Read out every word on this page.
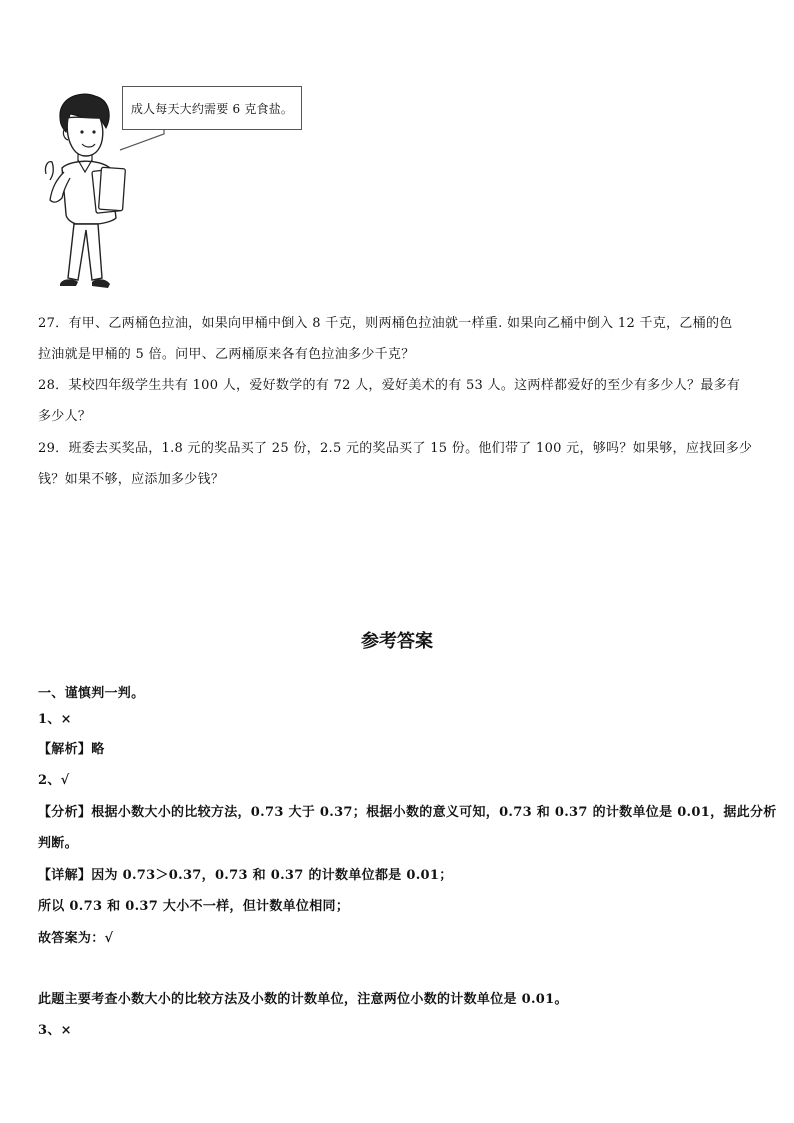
成人每天大约需要 6 克食盐。
27．有甲、乙两桶色拉油，如果向甲桶中倒入 8 千克，则两桶色拉油就一样重. 如果向乙桶中倒入 12 千克，乙桶的色
拉油就是甲桶的 5 倍。问甲、乙两桶原来各有色拉油多少千克？
28．某校四年级学生共有 100 人，爱好数学的有 72 人，爱好美术的有 53 人。这两样都爱好的至少有多少人？最多有
多少人？
29．班委去买奖品，1.8 元的奖品买了 25 份，2.5 元的奖品买了 15 份。他们带了 100 元，够吗？如果够，应找回多少
钱？如果不够，应添加多少钱？
参考答案
一、谨慎判一判。
1、×
【解析】略
2、√
【分析】根据小数大小的比较方法，0.73 大于 0.37；根据小数的意义可知，0.73 和 0.37 的计数单位是 0.01，据此分析
判断。
【详解】因为 0.73＞0.37，0.73 和 0.37 的计数单位都是 0.01；
所以 0.73 和 0.37 大小不一样，但计数单位相同；
故答案为：√
此题主要考查小数大小的比较方法及小数的计数单位，注意两位小数的计数单位是 0.01。
3、×
